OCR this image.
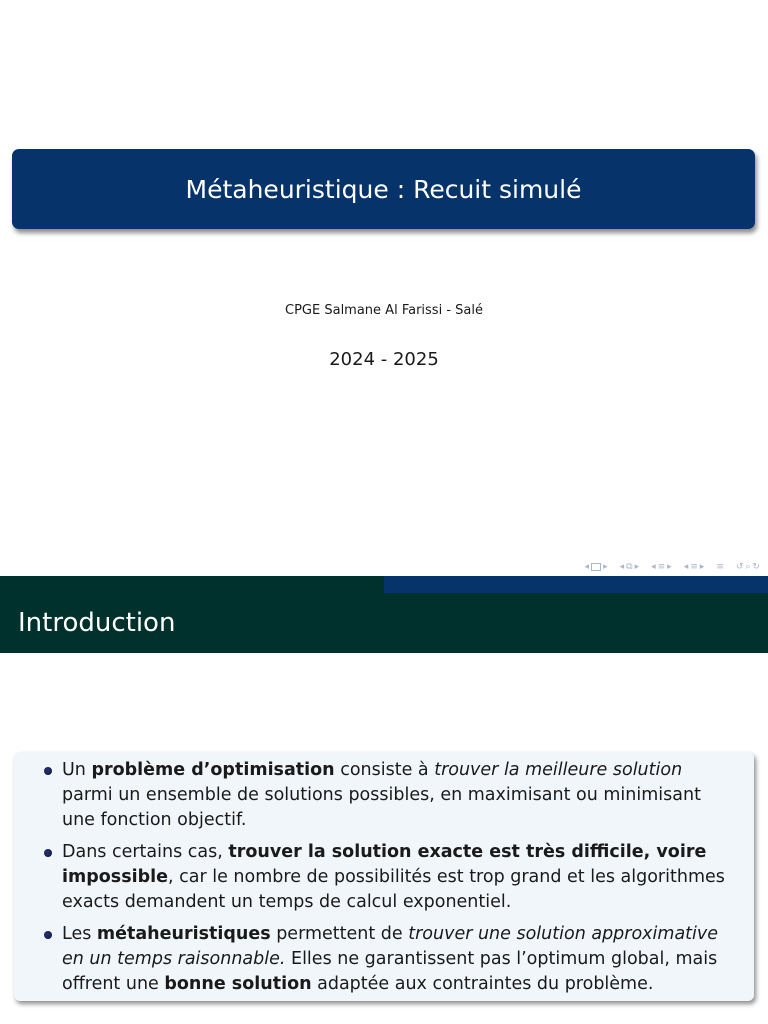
Métaheuristique : Recuit simulé
CPGE Salmane Al Farissi - Salé
2024 - 2025
◂ ▸ ◂ ⧉ ▸ ◂ ≡ ▸ ◂ ≡ ▸ ≡ ↺ ⌕ ↻
Introduction
Un problème d’optimisation consiste à trouver la meilleure solution parmi un ensemble de solutions possibles, en maximisant ou minimisant une fonction objectif.
Dans certains cas, trouver la solution exacte est très difficile, voire impossible, car le nombre de possibilités est trop grand et les algorithmes exacts demandent un temps de calcul exponentiel.
Les métaheuristiques permettent de trouver une solution approximative en un temps raisonnable. Elles ne garantissent pas l’optimum global, mais offrent une bonne solution adaptée aux contraintes du problème.
